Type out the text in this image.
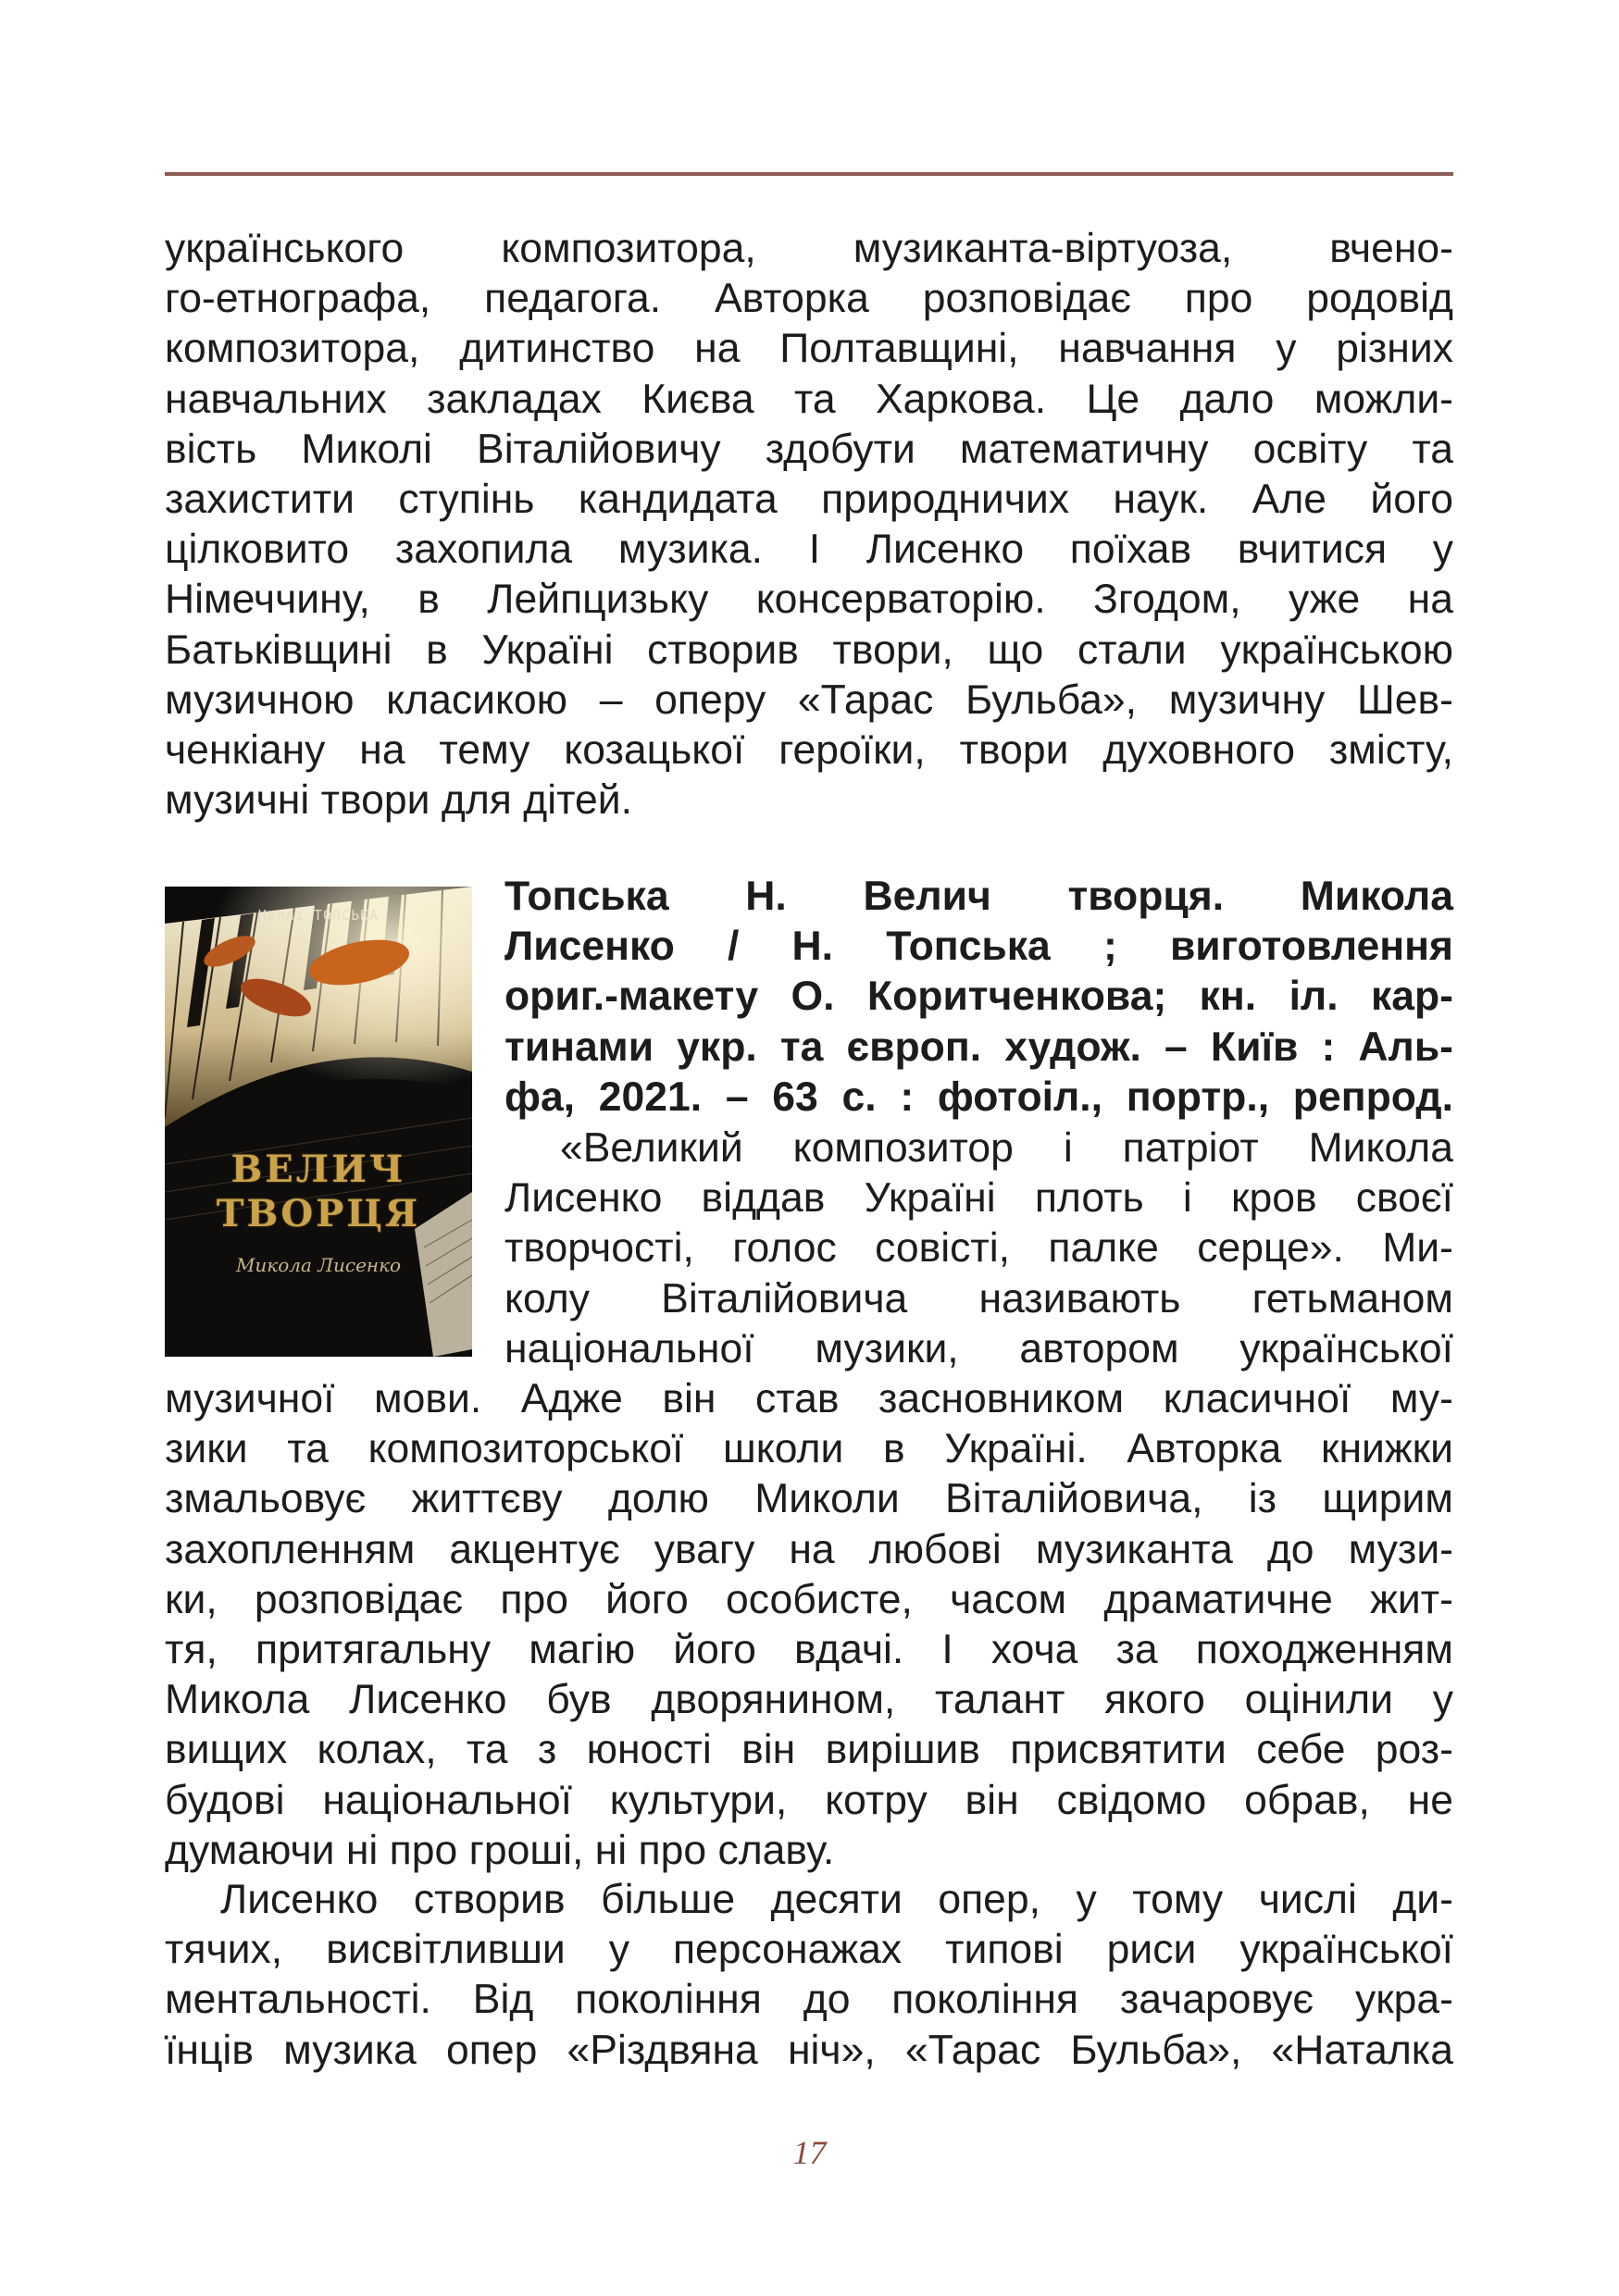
українського композитора, музиканта-віртуоза, вчено-
го-етнографа, педагога. Авторка розповідає про родовід
композитора, дитинство на Полтавщині, навчання у різних
навчальних закладах Києва та Харкова. Це дало можли-
вість Миколі Віталійовичу здобути математичну освіту та
захистити ступінь кандидата природничих наук. Але його
цілковито захопила музика. І Лисенко поїхав вчитися у
Німеччину, в Лейпцизьку консерваторію. Згодом, уже на
Батьківщині в Україні створив твори, що стали українською
музичною класикою – оперу «Тарас Бульба», музичну Шев-
ченкіану на тему козацької героїки, твори духовного змісту,
музичні твори для дітей.
Неллі ТОПСЬКА
ВЕЛИЧ
ТВОРЦЯ
Микола Лисенко
Топська Н. Велич творця. Микола
Лисенко / Н. Топська ; виготовлення
ориг.-макету О. Коритченкова; кн. іл. кар-
тинами укр. та європ. худож. – Київ : Аль-
фа, 2021. – 63 с. : фотоіл., портр., репрод.
«Великий композитор і патріот Микола
Лисенко віддав Україні плоть і кров своєї
творчості, голос совісті, палке серце». Ми-
колу Віталійовича називають гетьманом
національної музики, автором української
музичної мови. Адже він став засновником класичної му-
зики та композиторської школи в Україні. Авторка книжки
змальовує життєву долю Миколи Віталійовича, із щирим
захопленням акцентує увагу на любові музиканта до музи-
ки, розповідає про його особисте, часом драматичне жит-
тя, притягальну магію його вдачі. І хоча за походженням
Микола Лисенко був дворянином, талант якого оцінили у
вищих колах, та з юності він вирішив присвятити себе роз-
будові національної культури, котру він свідомо обрав, не
думаючи ні про гроші, ні про славу.
Лисенко створив більше десяти опер, у тому числі ди-
тячих, висвітливши у персонажах типові риси української
ментальності. Від покоління до покоління зачаровує укра-
їнців музика опер «Різдвяна ніч», «Тарас Бульба», «Наталка
17
